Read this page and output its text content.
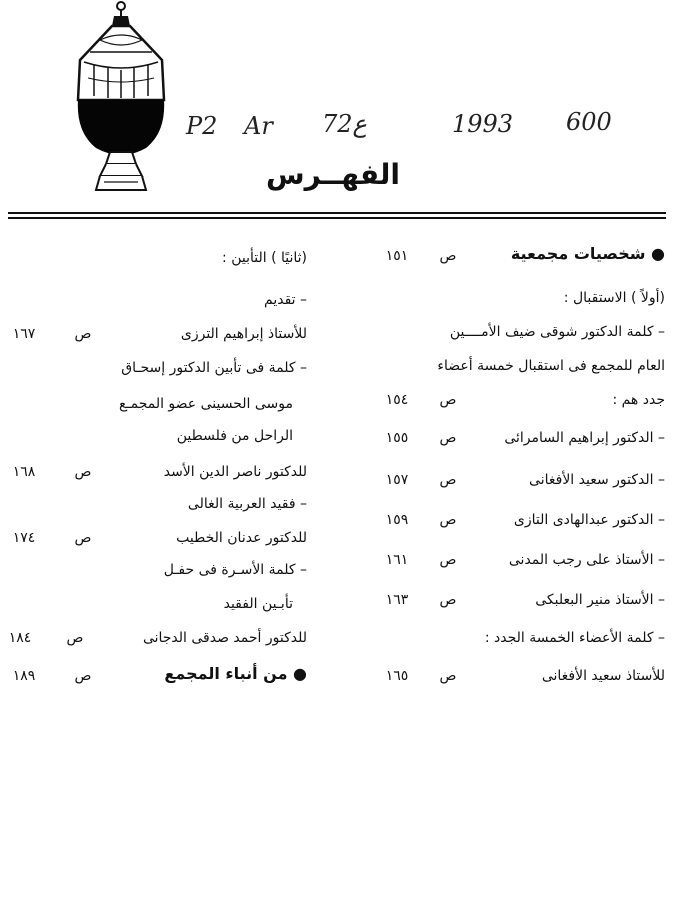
P2 Ar 72ع	1993 600
الفهــرس
● شخصيات مجمعية
ص
١٥١
(أولاً ) الاستقبال :
– كلمة الدكتور شوقى ضيف الأمــــين
العام للمجمع فى استقبال خمسة أعضاء
جدد هم :
ص
١٥٤
– الدكتور إبراهيم السامرائى
ص
١٥٥
– الدكتور سعيد الأفغانى
ص
١٥٧
– الدكتور عبدالهادى التازى
ص
١٥٩
– الأستاذ على رجب المدنى
ص
١٦١
– الأستاذ منير البعلبكى
ص
١٦٣
– كلمة الأعضاء الخمسة الجدد :
للأستاذ سعيد الأفغانى
ص
١٦٥
(ثانيًا ) التأبين :
– تقديم
للأستاذ إبراهيم الترزى
ص
١٦٧
– كلمة فى تأبين الدكتور إسحـاق
موسى الحسينى عضو المجمـع
الراحل من فلسطين
للدكتور ناصر الدين الأسد
ص
١٦٨
– فقيد العربية الغالى
للدكتور عدنان الخطيب
ص
١٧٤
– كلمة الأسـرة فى حفـل
تأبـين الفقيد
للدكتور أحمد صدقى الدجانى
ص
١٨٤
● من أنباء المجمع
ص
١٨٩
